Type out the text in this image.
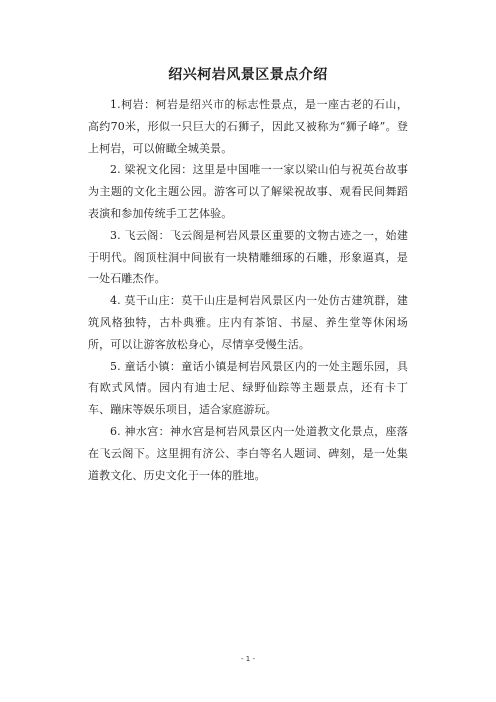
绍兴柯岩风景区景点介绍

1.柯岩：柯岩是绍兴市的标志性景点，是一座古老的石山，高约70米，形似一只巨大的石狮子，因此又被称为“狮子峰”。登上柯岩，可以俯瞰全城美景。

2. 梁祝文化园：这里是中国唯一一家以梁山伯与祝英台故事为主题的文化主题公园。游客可以了解梁祝故事、观看民间舞蹈表演和参加传统手工艺体验。

3. 飞云阁：飞云阁是柯岩风景区重要的文物古迹之一，始建于明代。阁顶柱洞中间嵌有一块精雕细琢的石雕，形象逼真，是一处石雕杰作。

4. 莫干山庄：莫干山庄是柯岩风景区内一处仿古建筑群，建筑风格独特，古朴典雅。庄内有茶馆、书屋、养生堂等休闲场所，可以让游客放松身心，尽情享受慢生活。

5. 童话小镇：童话小镇是柯岩风景区内的一处主题乐园，具有欧式风情。园内有迪士尼、绿野仙踪等主题景点，还有卡丁车、蹦床等娱乐项目，适合家庭游玩。

6. 神水宫：神水宫是柯岩风景区内一处道教文化景点，座落在飞云阁下。这里拥有济公、李白等名人题词、碑刻，是一处集道教文化、历史文化于一体的胜地。

- 1 -
